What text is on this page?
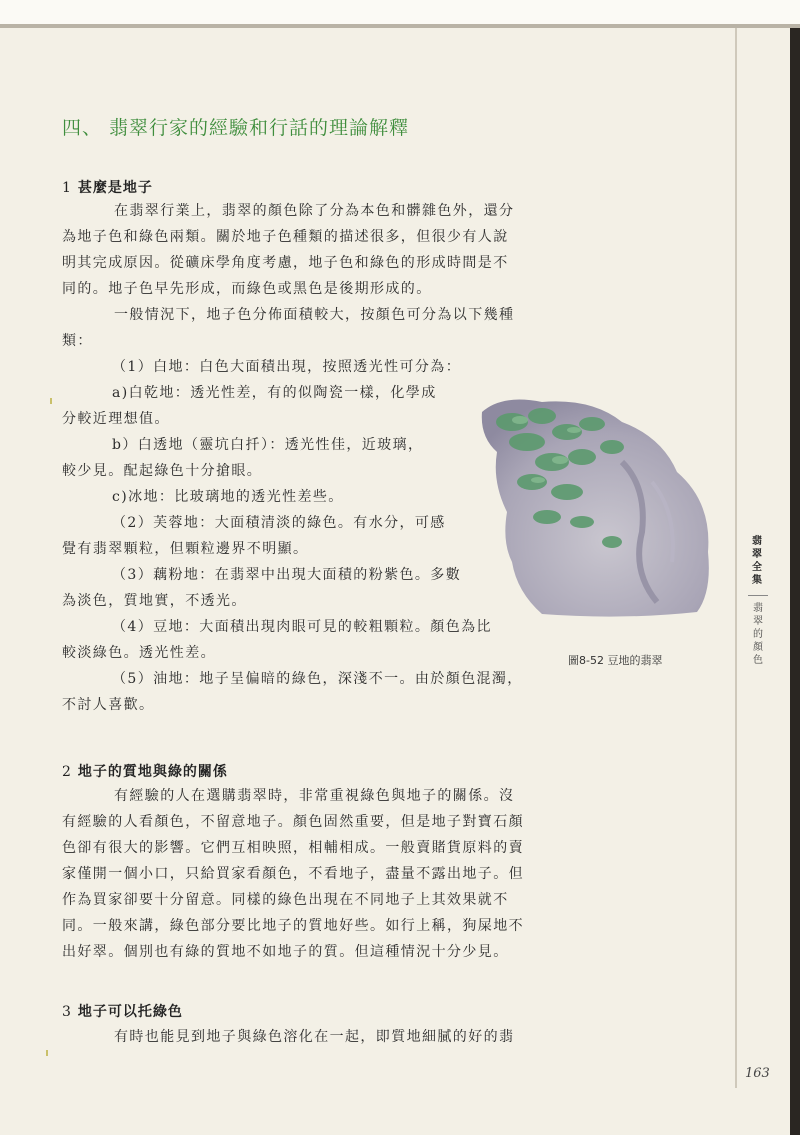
四、 翡翠行家的經驗和行話的理論解釋
1 甚麼是地子
在翡翠行業上，翡翠的顏色除了分為本色和髒雜色外，還分
為地子色和綠色兩類。關於地子色種類的描述很多，但很少有人說
明其完成原因。從礦床學角度考慮，地子色和綠色的形成時間是不
同的。地子色早先形成，而綠色或黑色是後期形成的。
一般情況下，地子色分佈面積較大，按顏色可分為以下幾種
類：
（1）白地：白色大面積出現，按照透光性可分為：
a)白乾地：透光性差，有的似陶瓷一樣，化學成
分較近理想值。
b）白透地（靈坑白扦）：透光性佳，近玻璃，
較少見。配起綠色十分搶眼。
c)冰地：比玻璃地的透光性差些。
（2）芙蓉地：大面積清淡的綠色。有水分，可感
覺有翡翠顆粒，但顆粒邊界不明顯。
（3）藕粉地：在翡翠中出現大面積的粉紫色。多數
為淡色，質地實，不透光。
（4）豆地：大面積出現肉眼可見的較粗顆粒。顏色為比
較淡綠色。透光性差。
（5）油地：地子呈偏暗的綠色，深淺不一。由於顏色混濁，
不討人喜歡。
圖8-52 豆地的翡翠
翡翠全集
翡翠的顏色
2 地子的質地與綠的關係
有經驗的人在選購翡翠時，非常重視綠色與地子的關係。沒
有經驗的人看顏色，不留意地子。顏色固然重要，但是地子對寶石顏
色卻有很大的影響。它們互相映照，相輔相成。一般賣賭貨原料的賣
家僅開一個小口，只給買家看顏色，不看地子，盡量不露出地子。但
作為買家卻要十分留意。同樣的綠色出現在不同地子上其效果就不
同。一般來講，綠色部分要比地子的質地好些。如行上稱，狗屎地不
出好翠。個別也有綠的質地不如地子的質。但這種情況十分少見。
3 地子可以托綠色
有時也能見到地子與綠色溶化在一起，即質地細膩的好的翡
163
